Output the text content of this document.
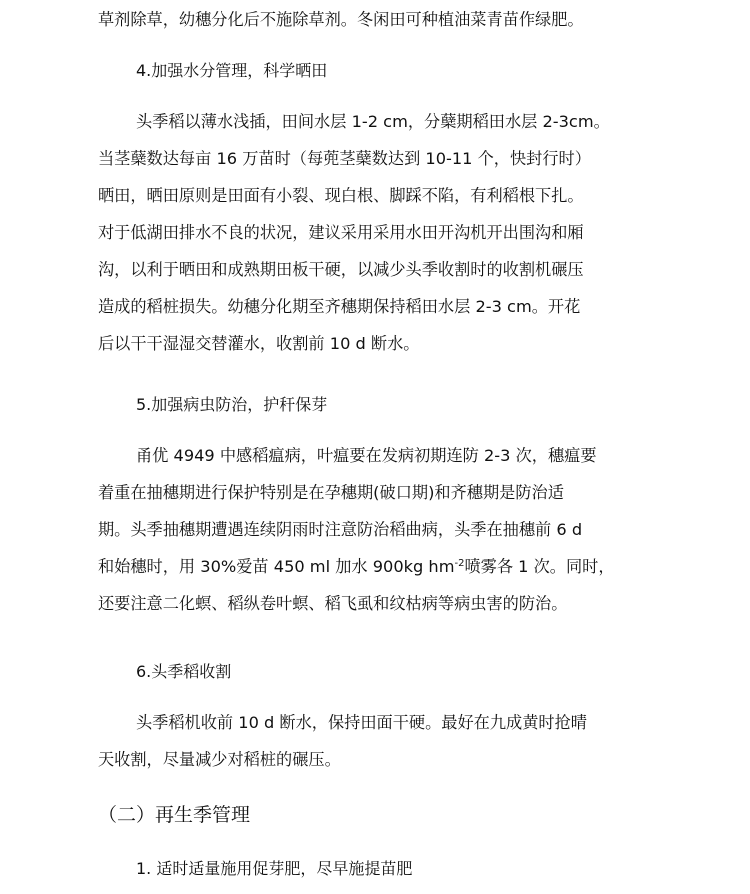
草剂除草，幼穗分化后不施除草剂。冬闲田可种植油菜青苗作绿肥。
4.加强水分管理，科学晒田
头季稻以薄水浅插，田间水层 1-2 cm，分蘖期稻田水层 2-3cm。
当茎蘖数达每亩 16 万苗时（每蔸茎蘖数达到 10-11 个，快封行时）
晒田，晒田原则是田面有小裂、现白根、脚踩不陷，有利稻根下扎。
对于低湖田排水不良的状况，建议采用采用水田开沟机开出围沟和厢
沟，以利于晒田和成熟期田板干硬，以减少头季收割时的收割机碾压
造成的稻桩损失。幼穗分化期至齐穗期保持稻田水层 2-3 cm。开花
后以干干湿湿交替灌水，收割前 10 d 断水。
5.加强病虫防治，护秆保芽
甬优 4949 中感稻瘟病，叶瘟要在发病初期连防 2-3 次，穗瘟要
着重在抽穗期进行保护特别是在孕穗期(破口期)和齐穗期是防治适
期。头季抽穗期遭遇连续阴雨时注意防治稻曲病，头季在抽穗前 6 d
和始穗时，用 30%爱苗 450 ml 加水 900kg $hm^{-2}$喷雾各 1 次。同时，
还要注意二化螟、稻纵卷叶螟、稻飞虱和纹枯病等病虫害的防治。
6.头季稻收割
头季稻机收前 10 d 断水，保持田面干硬。最好在九成黄时抢晴
天收割，尽量减少对稻桩的碾压。
（二）再生季管理
1. 适时适量施用促芽肥，尽早施提苗肥
